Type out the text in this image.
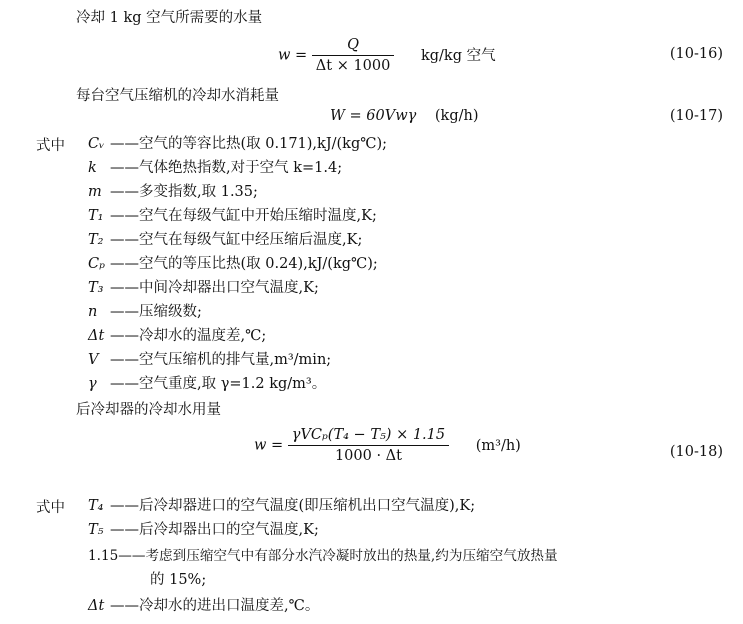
冷却 1 kg 空气所需要的水量
$w = \frac{Q}{\Delta t \times 1000} kg/kg$ 空气	(10-16)
每台空气压缩机的冷却水消耗量
W = 60Vwγ (kg/h)	(10-17)
式中 Cᵥ ——空气的等容比热(取 0.171),kJ/(kg℃);
k ——气体绝热指数,对于空气 k=1.4;
m ——多变指数,取 1.35;
T₁ ——空气在每级气缸中开始压缩时温度,K;
T₂ ——空气在每级气缸中经压缩后温度,K;
Cₚ ——空气的等压比热(取 0.24),kJ/(kg℃);
T₃ ——中间冷却器出口空气温度,K;
n ——压缩级数;
Δt ——冷却水的温度差,℃;
V ——空气压缩机的排气量,m³/min;
γ ——空气重度,取 γ=1.2 kg/m³。
后冷却器的冷却水用量
$w = \frac{\text{γVCₚ(T₄ − T₅) × 1.15}}{1000 \cdot \Delta t} (m^3/h)$	(10-18)
式中 T₄ ——后冷却器进口的空气温度(即压缩机出口空气温度),K;
T₅ ——后冷却器出口的空气温度,K;
1.15——考虑到压缩空气中有部分水汽冷凝时放出的热量,约为压缩空气放热量
的 15%;
Δt ——冷却水的进出口温度差,℃。
